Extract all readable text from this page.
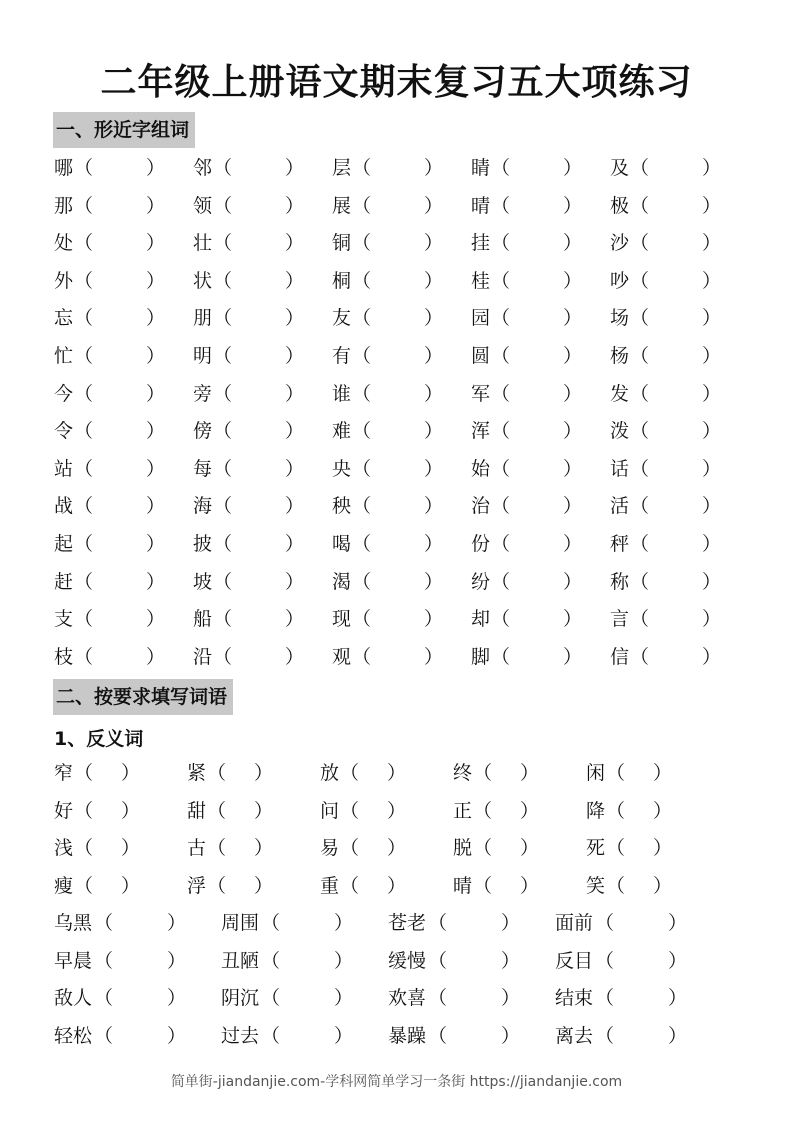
二年级上册语文期末复习五大项练习
一、形近字组词
哪 （	） 邻 （	） 层 （	） 睛 （	） 及 （	）
那 （	） 领 （	） 展 （	） 晴 （	） 极 （	）
处 （	） 壮 （	） 铜 （	） 挂 （	） 沙 （	）
外 （	） 状 （	） 桐 （	） 桂 （	） 吵 （	）
忘 （	） 朋 （	） 友 （	） 园 （	） 场 （	）
忙 （	） 明 （	） 有 （	） 圆 （	） 杨 （	）
今 （	） 旁 （	） 谁 （	） 军 （	） 发 （	）
令 （	） 傍 （	） 难 （	） 浑 （	） 泼 （	）
站 （	） 每 （	） 央 （	） 始 （	） 话 （	）
战 （	） 海 （	） 秧 （	） 治 （	） 活 （	）
起 （	） 披 （	） 喝 （	） 份 （	） 秤 （	）
赶 （	） 坡 （	） 渴 （	） 纷 （	） 称 （	）
支 （	） 船 （	） 现 （	） 却 （	） 言 （	）
枝 （	） 沿 （	） 观 （	） 脚 （	） 信 （	）
二、按要求填写词语
1、反义词
窄 （ ） 紧 （ ） 放 （ ） 终 （ ） 闲 （ ）
好 （ ） 甜 （ ） 问 （ ） 正 （ ） 降 （ ）
浅 （ ） 古 （ ） 易 （ ） 脱 （ ） 死 （ ）
瘦 （ ） 浮 （ ） 重 （ ） 晴 （ ） 笑 （ ）
乌黑 （	） 周围 （	） 苍老 （	） 面前 （	）
早晨 （	） 丑陋 （	） 缓慢 （	） 反目 （	）
敌人 （	） 阴沉 （	） 欢喜 （	） 结束 （	）
轻松 （	） 过去 （	） 暴躁 （	） 离去 （	）
简单街-jiandanjie.com-学科网简单学习一条街 https://jiandanjie.com
